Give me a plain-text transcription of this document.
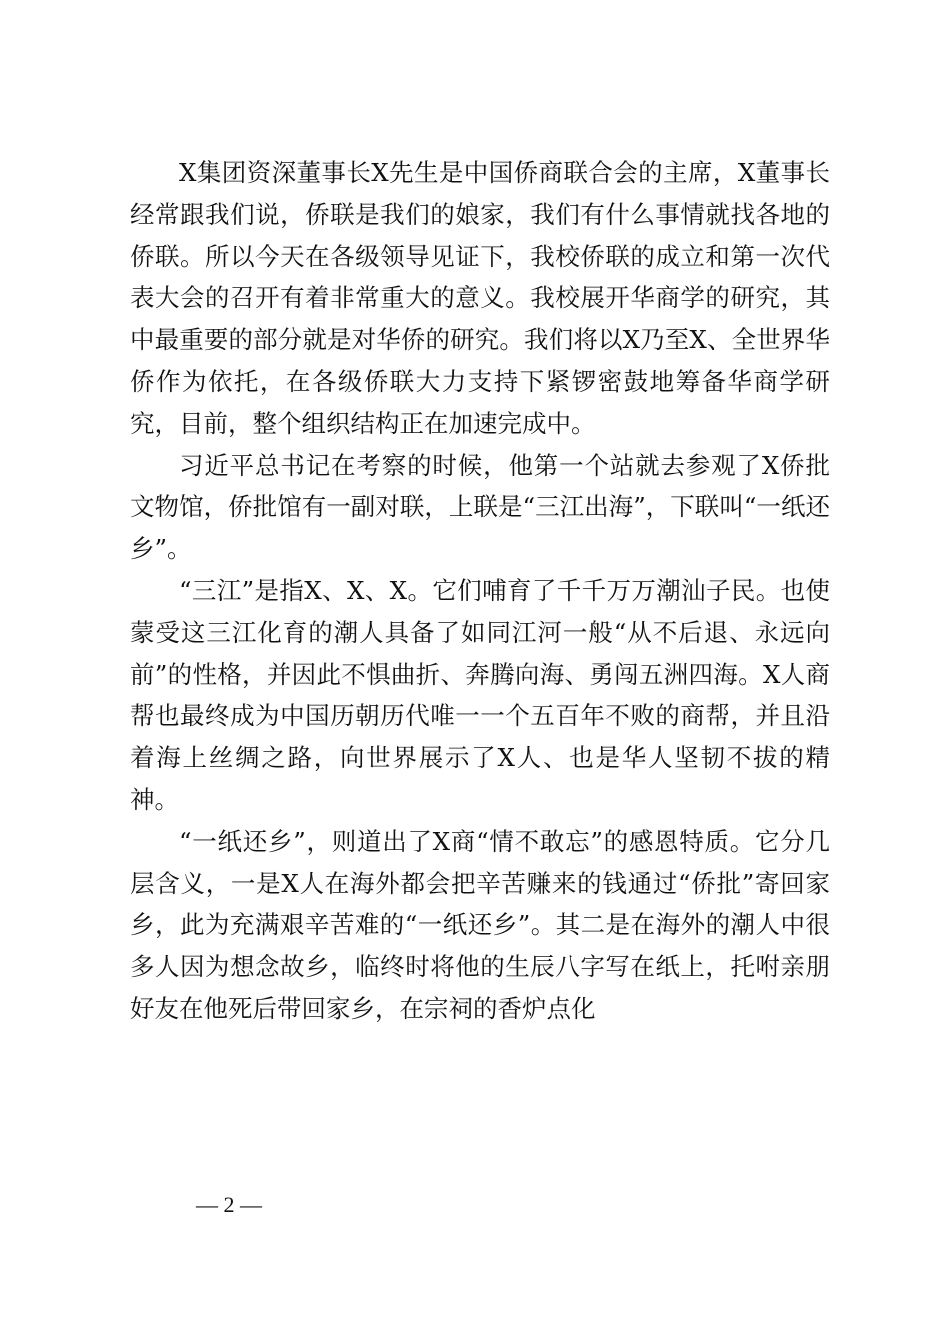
X集团资深董事长X先生是中国侨商联合会的主席，X董事长经常跟我们说，侨联是我们的娘家，我们有什么事情就找各地的侨联。所以今天在各级领导见证下，我校侨联的成立和第一次代表大会的召开有着非常重大的意义。我校展开华商学的研究，其中最重要的部分就是对华侨的研究。我们将以X乃至X、全世界华侨作为依托，在各级侨联大力支持下紧锣密鼓地筹备华商学研究，目前，整个组织结构正在加速完成中。

习近平总书记在考察的时候，他第一个站就去参观了X侨批文物馆，侨批馆有一副对联，上联是“三江出海”，下联叫“一纸还乡”。

“三江”是指X、X、X。它们哺育了千千万万潮汕子民。也使蒙受这三江化育的潮人具备了如同江河一般“从不后退、永远向前”的性格，并因此不惧曲折、奔腾向海、勇闯五洲四海。X人商帮也最终成为中国历朝历代唯一一个五百年不败的商帮，并且沿着海上丝绸之路，向世界展示了X人、也是华人坚韧不拔的精神。

“一纸还乡”，则道出了X商“情不敢忘”的感恩特质。它分几层含义，一是X人在海外都会把辛苦赚来的钱通过“侨批”寄回家乡，此为充满艰辛苦难的“一纸还乡”。其二是在海外的潮人中很多人因为想念故乡，临终时将他的生辰八字写在纸上，托咐亲朋好友在他死后带回家乡，在宗祠的香炉点化

— 2 —
